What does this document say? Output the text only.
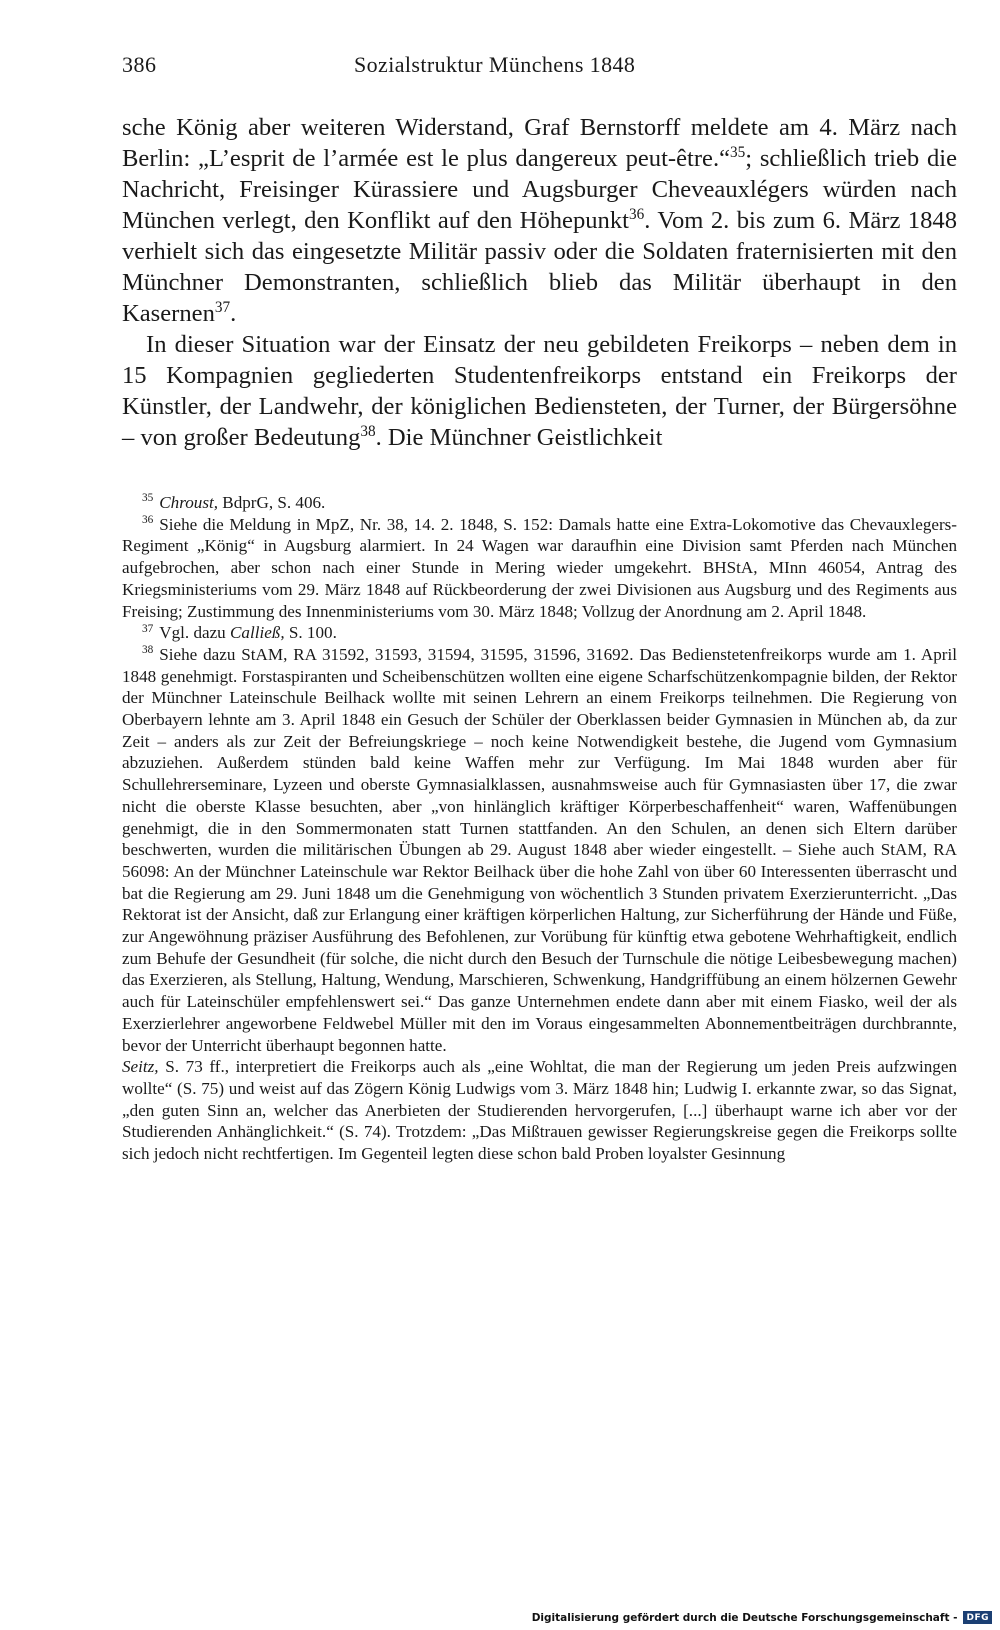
386	Sozialstruktur Münchens 1848

sche König aber weiteren Widerstand, Graf Bernstorff meldete am 4. März nach Berlin: „L’esprit de l’armée est le plus dangereux peut-être.“$^{35}$; schließlich trieb die Nachricht, Freisinger Kürassiere und Augsburger Cheveauxlégers würden nach München verlegt, den Konflikt auf den Höhepunkt$^{36}$. Vom 2. bis zum 6. März 1848 verhielt sich das eingesetzte Militär passiv oder die Soldaten fraternisierten mit den Münchner Demonstranten, schließlich blieb das Militär überhaupt in den Kasernen$^{37}$.

In dieser Situation war der Einsatz der neu gebildeten Freikorps – neben dem in 15 Kompagnien gegliederten Studentenfreikorps entstand ein Freikorps der Künstler, der Landwehr, der königlichen Bediensteten, der Turner, der Bürgersöhne – von großer Bedeutung$^{38}$. Die Münchner Geistlichkeit

$^{35}$ Chroust, BdprG, S. 406.

$^{36}$ Siehe die Meldung in MpZ, Nr. 38, 14. 2. 1848, S. 152: Damals hatte eine Extra-Lokomotive das Chevauxlegers-Regiment „König“ in Augsburg alarmiert. In 24 Wagen war daraufhin eine Division samt Pferden nach München aufgebrochen, aber schon nach einer Stunde in Mering wieder umgekehrt. BHStA, MInn 46054, Antrag des Kriegsministeriums vom 29. März 1848 auf Rückbeorderung der zwei Divisionen aus Augsburg und des Regiments aus Freising; Zustimmung des Innenministeriums vom 30. März 1848; Vollzug der Anordnung am 2. April 1848.

$^{37}$ Vgl. dazu Calließ, S. 100.

$^{38}$ Siehe dazu StAM, RA 31592, 31593, 31594, 31595, 31596, 31692. Das Bedienstetenfreikorps wurde am 1. April 1848 genehmigt. Forstaspiranten und Scheibenschützen wollten eine eigene Scharfschützenkompagnie bilden, der Rektor der Münchner Lateinschule Beilhack wollte mit seinen Lehrern an einem Freikorps teilnehmen. Die Regierung von Oberbayern lehnte am 3. April 1848 ein Gesuch der Schüler der Oberklassen beider Gymnasien in München ab, da zur Zeit – anders als zur Zeit der Befreiungskriege – noch keine Notwendigkeit bestehe, die Jugend vom Gymnasium abzuziehen. Außerdem stünden bald keine Waffen mehr zur Verfügung. Im Mai 1848 wurden aber für Schullehrerseminare, Lyzeen und oberste Gymnasialklassen, ausnahmsweise auch für Gymnasiasten über 17, die zwar nicht die oberste Klasse besuchten, aber „von hinlänglich kräftiger Körperbeschaffenheit“ waren, Waffenübungen genehmigt, die in den Sommermonaten statt Turnen stattfanden. An den Schulen, an denen sich Eltern darüber beschwerten, wurden die militärischen Übungen ab 29. August 1848 aber wieder eingestellt. – Siehe auch StAM, RA 56098: An der Münchner Lateinschule war Rektor Beilhack über die hohe Zahl von über 60 Interessenten überrascht und bat die Regierung am 29. Juni 1848 um die Genehmigung von wöchentlich 3 Stunden privatem Exerzierunterricht. „Das Rektorat ist der Ansicht, daß zur Erlangung einer kräftigen körperlichen Haltung, zur Sicherführung der Hände und Füße, zur Angewöhnung präziser Ausführung des Befohlenen, zur Vorübung für künftig etwa gebotene Wehrhaftigkeit, endlich zum Behufe der Gesundheit (für solche, die nicht durch den Besuch der Turnschule die nötige Leibesbewegung machen) das Exerzieren, als Stellung, Haltung, Wendung, Marschieren, Schwenkung, Handgriffübung an einem hölzernen Gewehr auch für Lateinschüler empfehlenswert sei.“ Das ganze Unternehmen endete dann aber mit einem Fiasko, weil der als Exerzierlehrer angeworbene Feldwebel Müller mit den im Voraus eingesammelten Abonnementbeiträgen durchbrannte, bevor der Unterricht überhaupt begonnen hatte.

Seitz, S. 73 ff., interpretiert die Freikorps auch als „eine Wohltat, die man der Regierung um jeden Preis aufzwingen wollte“ (S. 75) und weist auf das Zögern König Ludwigs vom 3. März 1848 hin; Ludwig I. erkannte zwar, so das Signat, „den guten Sinn an, welcher das Anerbieten der Studierenden hervorgerufen, [...] überhaupt warne ich aber vor der Studierenden Anhänglichkeit.“ (S. 74). Trotzdem: „Das Mißtrauen gewisser Regierungskreise gegen die Freikorps sollte sich jedoch nicht rechtfertigen. Im Gegenteil legten diese schon bald Proben loyalster Gesinnung

Digitalisierung gefördert durch die Deutsche Forschungsgemeinschaft -	DFG
